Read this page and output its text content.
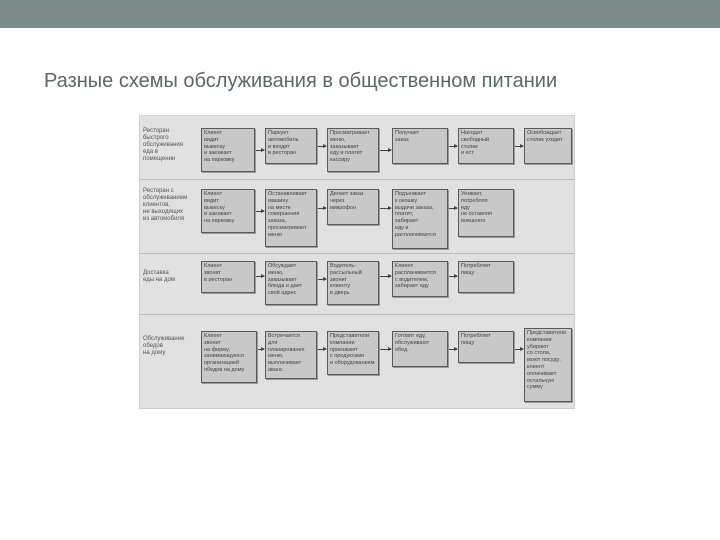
Разные схемы обслуживания в общественном питании
Ресторан
быстрого
обслуживания
еда в
помещении
Клиент
видит
вывеску
и заезжает
на парковку
Паркует
автомобиль
и входит
в ресторан
Просматривает
меню,
заказывает
еду и платит
кассиру
Получает
заказ
Находит
свободный
столик
и ест
Освобождает
столик уходит
Ресторан с
обслуживанием
клиентов,
не выходящих
из автомобиля
Клиент
видит
вывеску
и заезжает
на парковку
Останавливает
машину
на месте
совершения
заказа,
просматривает
меню
Делает заказ
через
микрофон
Подъезжает
к окошку
выдачи заказа,
платит,
забирает
еду и
расплачивается
Уезжает,
потребляя
еду
не оставляя
внешнего
Доставка
еды на дом
Клиент
звонит
в ресторан
Обсуждает
меню,
заказывает
блюда и дает
свой адрес
Водитель-
рассыльный
звонит
клиенту
в дверь
Клиент
расплачивается
с водителем,
забирает еду
Потребляет
пищу
Обслуживание
обедов
на дому
Клиент
звонит
на фирму,
занимающуюся
организацией
обедов на дому
Встречается
для
планирования
меню,
выплачивает
аванс
Представители
компании
приезжают
с продуктами
и оборудованием
Готовят еду,
обслуживают
обед
Потребляет
пищу
Представители
компании
убирают
со стола,
моют посуду;
клиент
оплачивает
остальную
сумму
